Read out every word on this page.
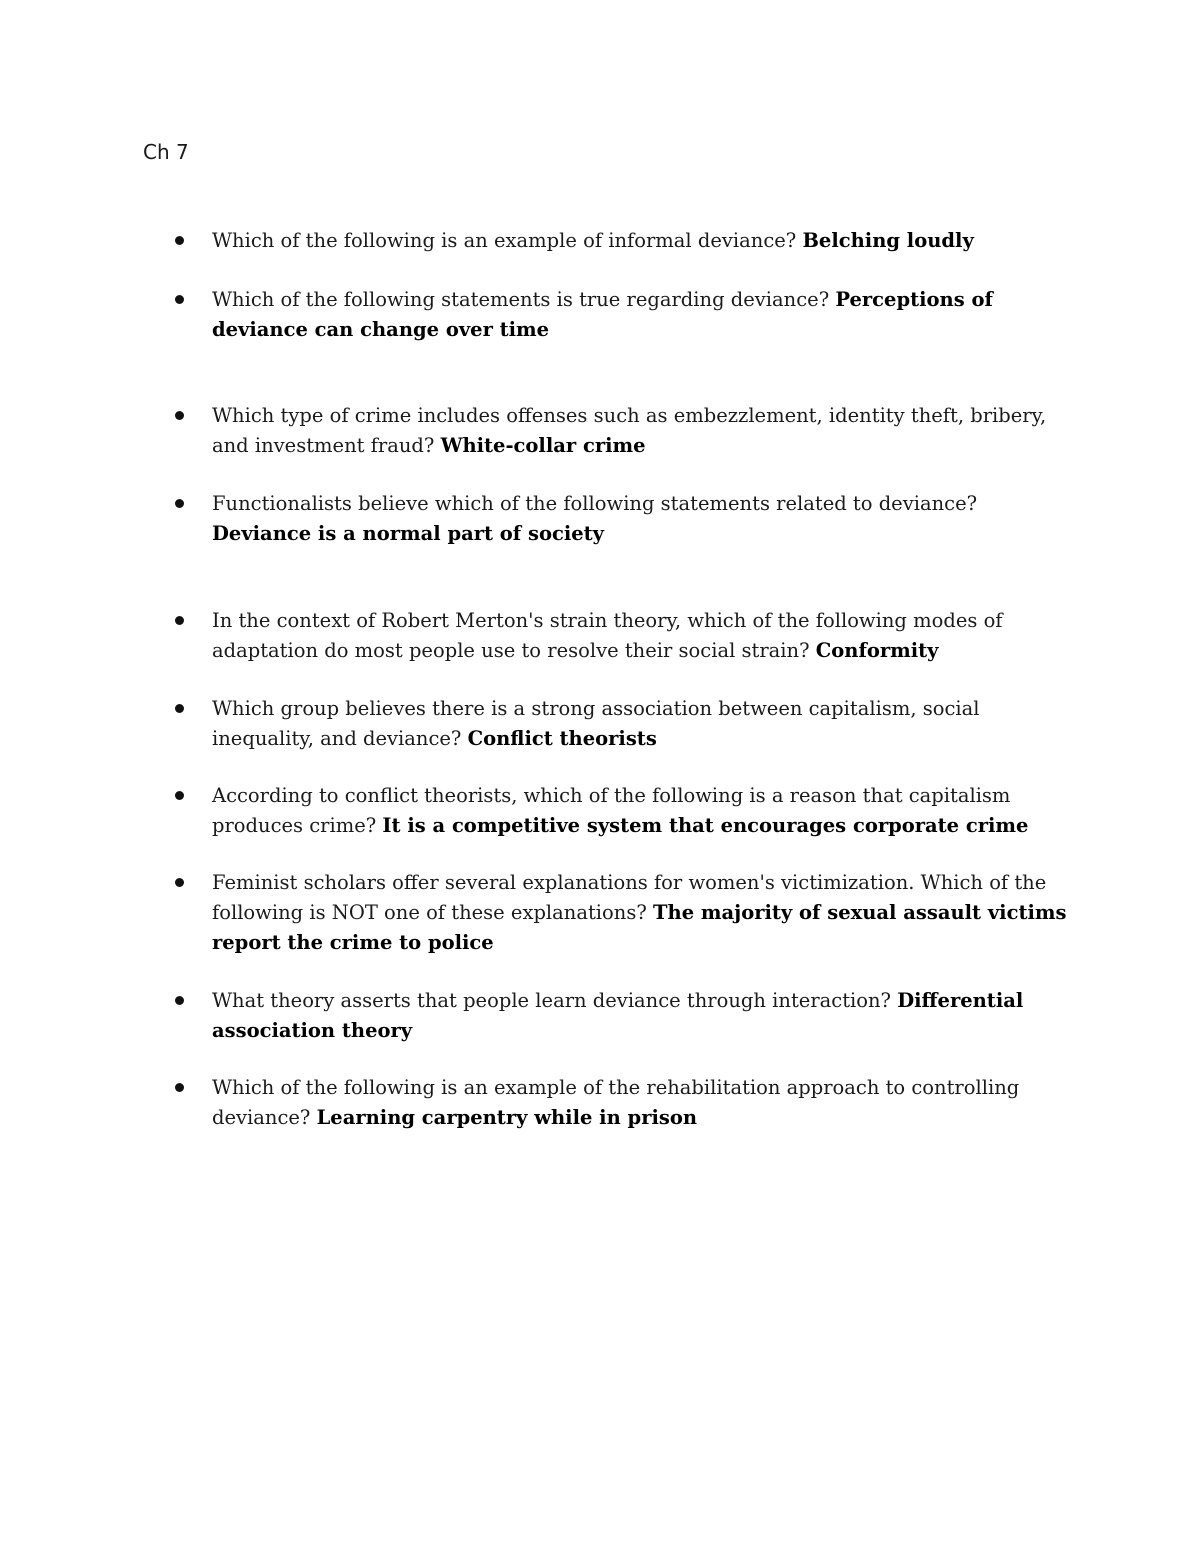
Ch 7
Which of the following is an example of informal deviance? Belching loudly
Which of the following statements is true regarding deviance? Perceptions of deviance can change over time
Which type of crime includes offenses such as embezzlement, identity theft, bribery, and investment fraud? White-collar crime
Functionalists believe which of the following statements related to deviance? Deviance is a normal part of society
In the context of Robert Merton's strain theory, which of the following modes of adaptation do most people use to resolve their social strain? Conformity
Which group believes there is a strong association between capitalism, social inequality, and deviance? Conflict theorists
According to conflict theorists, which of the following is a reason that capitalism produces crime? It is a competitive system that encourages corporate crime
Feminist scholars offer several explanations for women's victimization. Which of the following is NOT one of these explanations? The majority of sexual assault victims report the crime to police
What theory asserts that people learn deviance through interaction? Differential association theory
Which of the following is an example of the rehabilitation approach to controlling deviance? Learning carpentry while in prison
